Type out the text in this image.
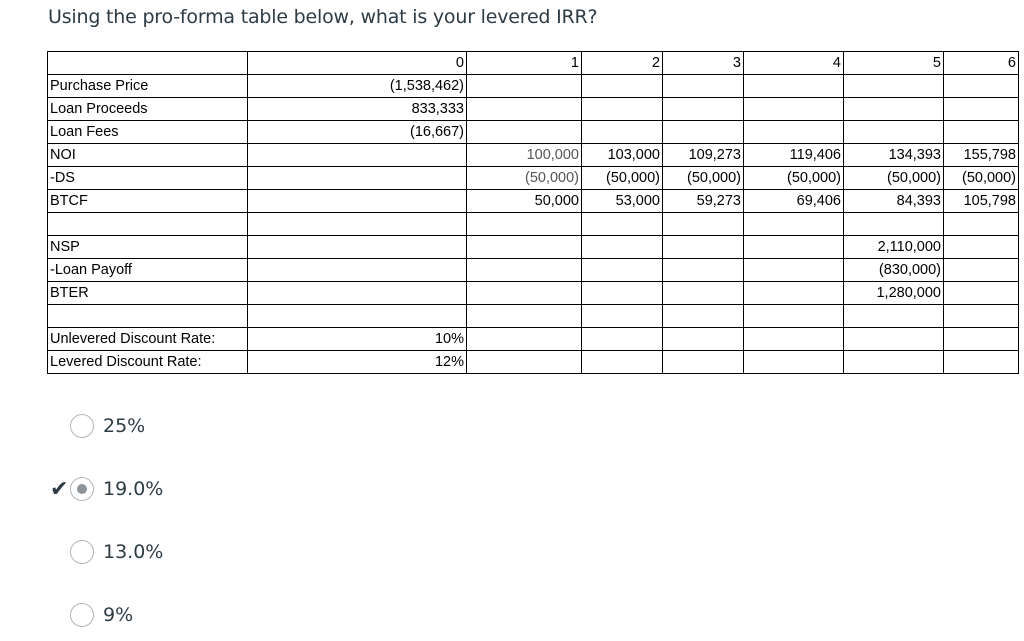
Using the pro-forma table below, what is your levered IRR?
	0	1	2	3	4	5	6
Purchase Price	(1,538,462)						
Loan Proceeds	833,333						
Loan Fees	(16,667)						
NOI		100,000	103,000	109,273	119,406	134,393	155,798
-DS		(50,000)	(50,000)	(50,000)	(50,000)	(50,000)	(50,000)
BTCF		50,000	53,000	59,273	69,406	84,393	105,798

NSP						2,110,000	
-Loan Payoff						(830,000)	
BTER						1,280,000	

Unlevered Discount Rate:	10%						
Levered Discount Rate:	12%						
25%
✔ 19.0%
13.0%
9%
